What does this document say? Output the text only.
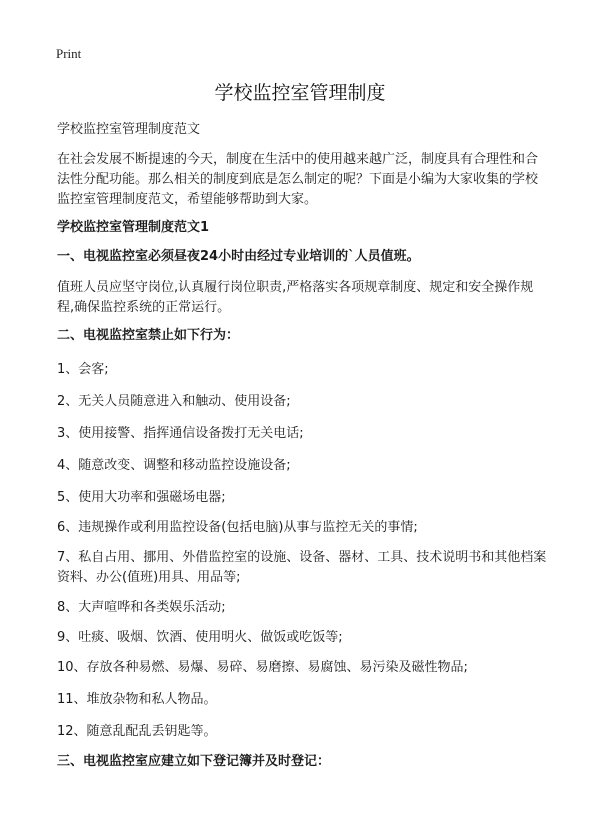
Print
学校监控室管理制度

学校监控室管理制度范文

在社会发展不断提速的今天，制度在生活中的使用越来越广泛，制度具有合理性和合法性分配功能。那么相关的制度到底是怎么制定的呢？下面是小编为大家收集的学校监控室管理制度范文，希望能够帮助到大家。

学校监控室管理制度范文1

一、电视监控室必须昼夜24小时由经过专业培训的`人员值班。

值班人员应坚守岗位,认真履行岗位职责,严格落实各项规章制度、规定和安全操作规程,确保监控系统的正常运行。

二、电视监控室禁止如下行为：

1、会客;

2、无关人员随意进入和触动、使用设备;

3、使用接警、指挥通信设备拨打无关电话;

4、随意改变、调整和移动监控设施设备;

5、使用大功率和强磁场电器;

6、违规操作或利用监控设备(包括电脑)从事与监控无关的事情;

7、私自占用、挪用、外借监控室的设施、设备、器材、工具、技术说明书和其他档案资料、办公(值班)用具、用品等;

8、大声喧哗和各类娱乐活动;

9、吐痰、吸烟、饮酒、使用明火、做饭或吃饭等;

10、存放各种易燃、易爆、易碎、易磨擦、易腐蚀、易污染及磁性物品;

11、堆放杂物和私人物品。

12、随意乱配乱丢钥匙等。

三、电视监控室应建立如下登记簿并及时登记：
